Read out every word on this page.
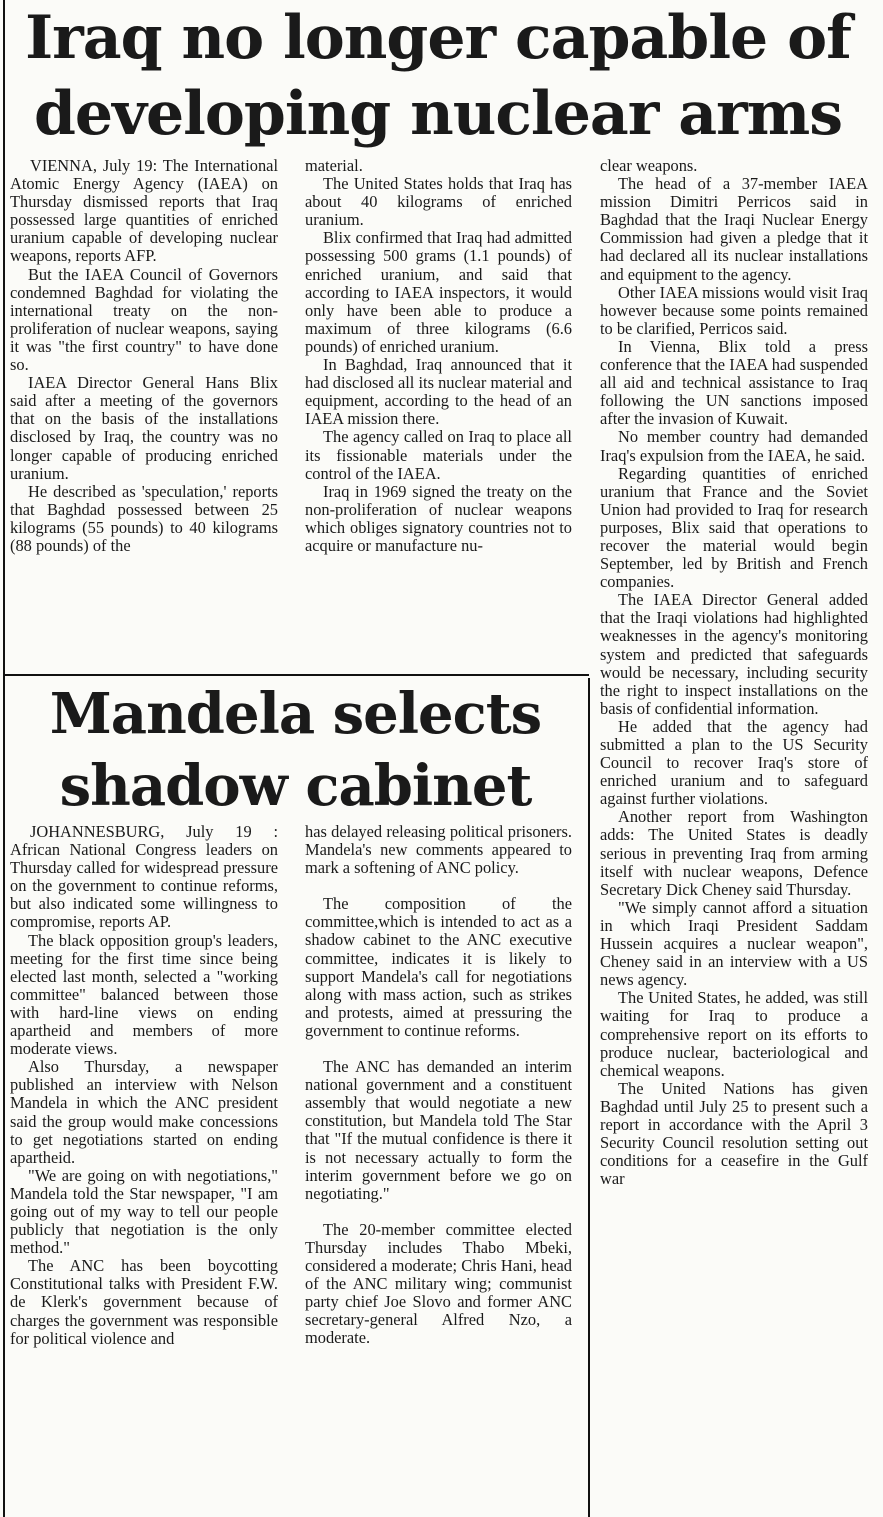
Iraq no longer capable of developing nuclear arms

VIENNA, July 19: The International Atomic Energy Agency (IAEA) on Thursday dismissed reports that Iraq possessed large quantities of enriched uranium capable of developing nuclear weapons, reports AFP.

But the IAEA Council of Governors condemned Baghdad for violating the international treaty on the non-proliferation of nuclear weapons, saying it was "the first country" to have done so.

IAEA Director General Hans Blix said after a meeting of the governors that on the basis of the installations disclosed by Iraq, the country was no longer capable of producing enriched uranium.

He described as 'speculation,' reports that Baghdad possessed between 25 kilograms (55 pounds) to 40 kilograms (88 pounds) of the

material.

The United States holds that Iraq has about 40 kilograms of enriched uranium.

Blix confirmed that Iraq had admitted possessing 500 grams (1.1 pounds) of enriched uranium, and said that according to IAEA inspectors, it would only have been able to produce a maximum of three kilograms (6.6 pounds) of enriched uranium.

In Baghdad, Iraq announced that it had disclosed all its nuclear material and equipment, according to the head of an IAEA mission there.

The agency called on Iraq to place all its fissionable materials under the control of the IAEA.

Iraq in 1969 signed the treaty on the non-proliferation of nuclear weapons which obliges signatory countries not to acquire or manufacture nu-

clear weapons.

The head of a 37-member IAEA mission Dimitri Perricos said in Baghdad that the Iraqi Nuclear Energy Commission had given a pledge that it had declared all its nuclear installations and equipment to the agency.

Other IAEA missions would visit Iraq however because some points remained to be clarified, Perricos said.

In Vienna, Blix told a press conference that the IAEA had suspended all aid and technical assistance to Iraq following the UN sanctions imposed after the invasion of Kuwait.

No member country had demanded Iraq's expulsion from the IAEA, he said.

Regarding quantities of enriched uranium that France and the Soviet Union had provided to Iraq for research purposes, Blix said that operations to recover the material would begin September, led by British and French companies.

The IAEA Director General added that the Iraqi violations had highlighted weaknesses in the agency's monitoring system and predicted that safeguards would be necessary, including security the right to inspect installations on the basis of confidential information.

He added that the agency had submitted a plan to the US Security Council to recover Iraq's store of enriched uranium and to safeguard against further violations.

Another report from Washington adds: The United States is deadly serious in preventing Iraq from arming itself with nuclear weapons, Defence Secretary Dick Cheney said Thursday.

"We simply cannot afford a situation in which Iraqi President Saddam Hussein acquires a nuclear weapon", Cheney said in an interview with a US news agency.

The United States, he added, was still waiting for Iraq to produce a comprehensive report on its efforts to produce nuclear, bacteriological and chemical weapons.

The United Nations has given Baghdad until July 25 to present such a report in accordance with the April 3 Security Council resolution setting out conditions for a ceasefire in the Gulf war

Mandela selects shadow cabinet

JOHANNESBURG, July 19 : African National Congress leaders on Thursday called for widespread pressure on the government to continue reforms, but also indicated some willingness to compromise, reports AP.

The black opposition group's leaders, meeting for the first time since being elected last month, selected a "working committee" balanced between those with hard-line views on ending apartheid and members of more moderate views.

Also Thursday, a newspaper published an interview with Nelson Mandela in which the ANC president said the group would make concessions to get negotiations started on ending apartheid.

"We are going on with negotiations," Mandela told the Star newspaper, "I am going out of my way to tell our people publicly that negotiation is the only method."

The ANC has been boycotting Constitutional talks with President F.W. de Klerk's government because of charges the government was responsible for political violence and

has delayed releasing political prisoners. Mandela's new comments appeared to mark a softening of ANC policy.

The composition of the committee,which is intended to act as a shadow cabinet to the ANC executive committee, indicates it is likely to support Mandela's call for negotiations along with mass action, such as strikes and protests, aimed at pressuring the government to continue reforms.

The ANC has demanded an interim national government and a constituent assembly that would negotiate a new constitution, but Mandela told The Star that "If the mutual confidence is there it is not necessary actually to form the interim government before we go on negotiating."

The 20-member committee elected Thursday includes Thabo Mbeki, considered a moderate; Chris Hani, head of the ANC military wing; communist party chief Joe Slovo and former ANC secretary-general Alfred Nzo, a moderate.
